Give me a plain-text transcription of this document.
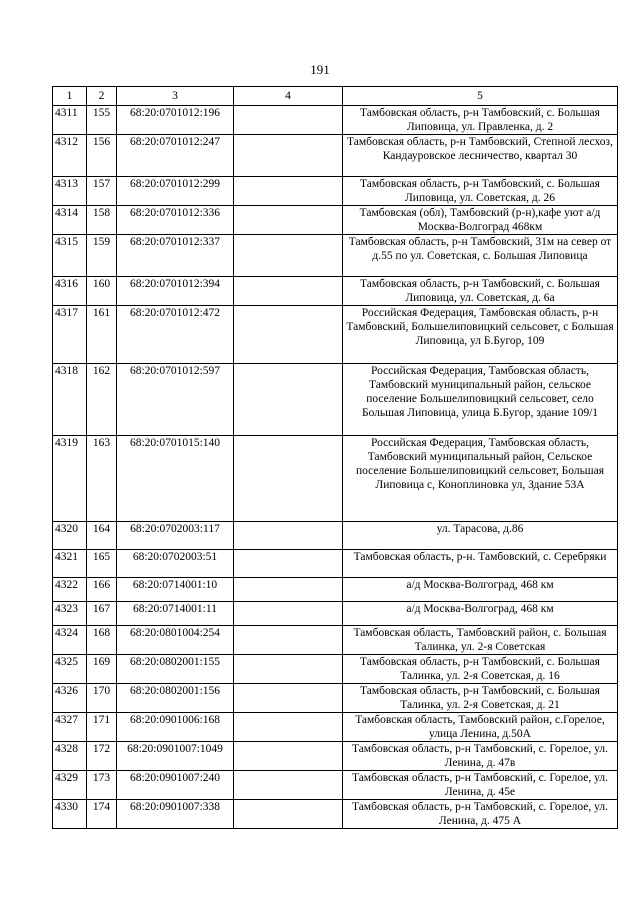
191
1	2	3	4	5
4311	155	68:20:0701012:196		Тамбовская область, р-н Тамбовский, с. Большая Липовица, ул. Правленка, д. 2
4312	156	68:20:0701012:247		Тамбовская область, р-н Тамбовский, Степной лесхоз, Кандауровское лесничество, квартал 30
4313	157	68:20:0701012:299		Тамбовская область, р-н Тамбовский, с. Большая Липовица, ул. Советская, д. 26
4314	158	68:20:0701012:336		Тамбовская (обл), Тамбовский (р-н),кафе уют а/д Москва-Волгоград 468км
4315	159	68:20:0701012:337		Тамбовская область, р-н Тамбовский, 31м на север от д.55 по ул. Советская, с. Большая Липовица
4316	160	68:20:0701012:394		Тамбовская область, р-н Тамбовский, с. Большая Липовица, ул. Советская, д. 6а
4317	161	68:20:0701012:472		Российская Федерация, Тамбовская область, р-н Тамбовский, Большелиповицкий сельсовет, с Большая Липовица, ул Б.Бугор, 109
4318	162	68:20:0701012:597		Российская Федерация, Тамбовская область, Тамбовский муниципальный район, сельское поселение Большелиповицкий сельсовет, село Большая Липовица, улица Б.Бугор, здание 109/1
4319	163	68:20:0701015:140		Российская Федерация, Тамбовская область, Тамбовский муниципальный район, Сельское поселение Большелиповицкий сельсовет, Большая Липовица с, Коноплиновка ул, Здание 53А
4320	164	68:20:0702003:117		ул. Тарасова, д.86
4321	165	68:20:0702003:51		Тамбовская область, р-н. Тамбовский, с. Серебряки
4322	166	68:20:0714001:10		а/д Москва-Волгоград, 468 км
4323	167	68:20:0714001:11		а/д Москва-Волгоград, 468 км
4324	168	68:20:0801004:254		Тамбовская область, Тамбовский район, с. Большая Талинка, ул. 2-я Советская
4325	169	68:20:0802001:155		Тамбовская область, р-н Тамбовский, с. Большая Талинка, ул. 2-я Советская, д. 16
4326	170	68:20:0802001:156		Тамбовская область, р-н Тамбовский, с. Большая Талинка, ул. 2-я Советская, д. 21
4327	171	68:20:0901006:168		Тамбовская область, Тамбовский район, с.Горелое, улица Ленина, д.50А
4328	172	68:20:0901007:1049		Тамбовская область, р-н Тамбовский, с. Горелое, ул. Ленина, д. 47в
4329	173	68:20:0901007:240		Тамбовская область, р-н Тамбовский, с. Горелое, ул. Ленина, д. 45е
4330	174	68:20:0901007:338		Тамбовская область, р-н Тамбовский, с. Горелое, ул. Ленина, д. 475 А
